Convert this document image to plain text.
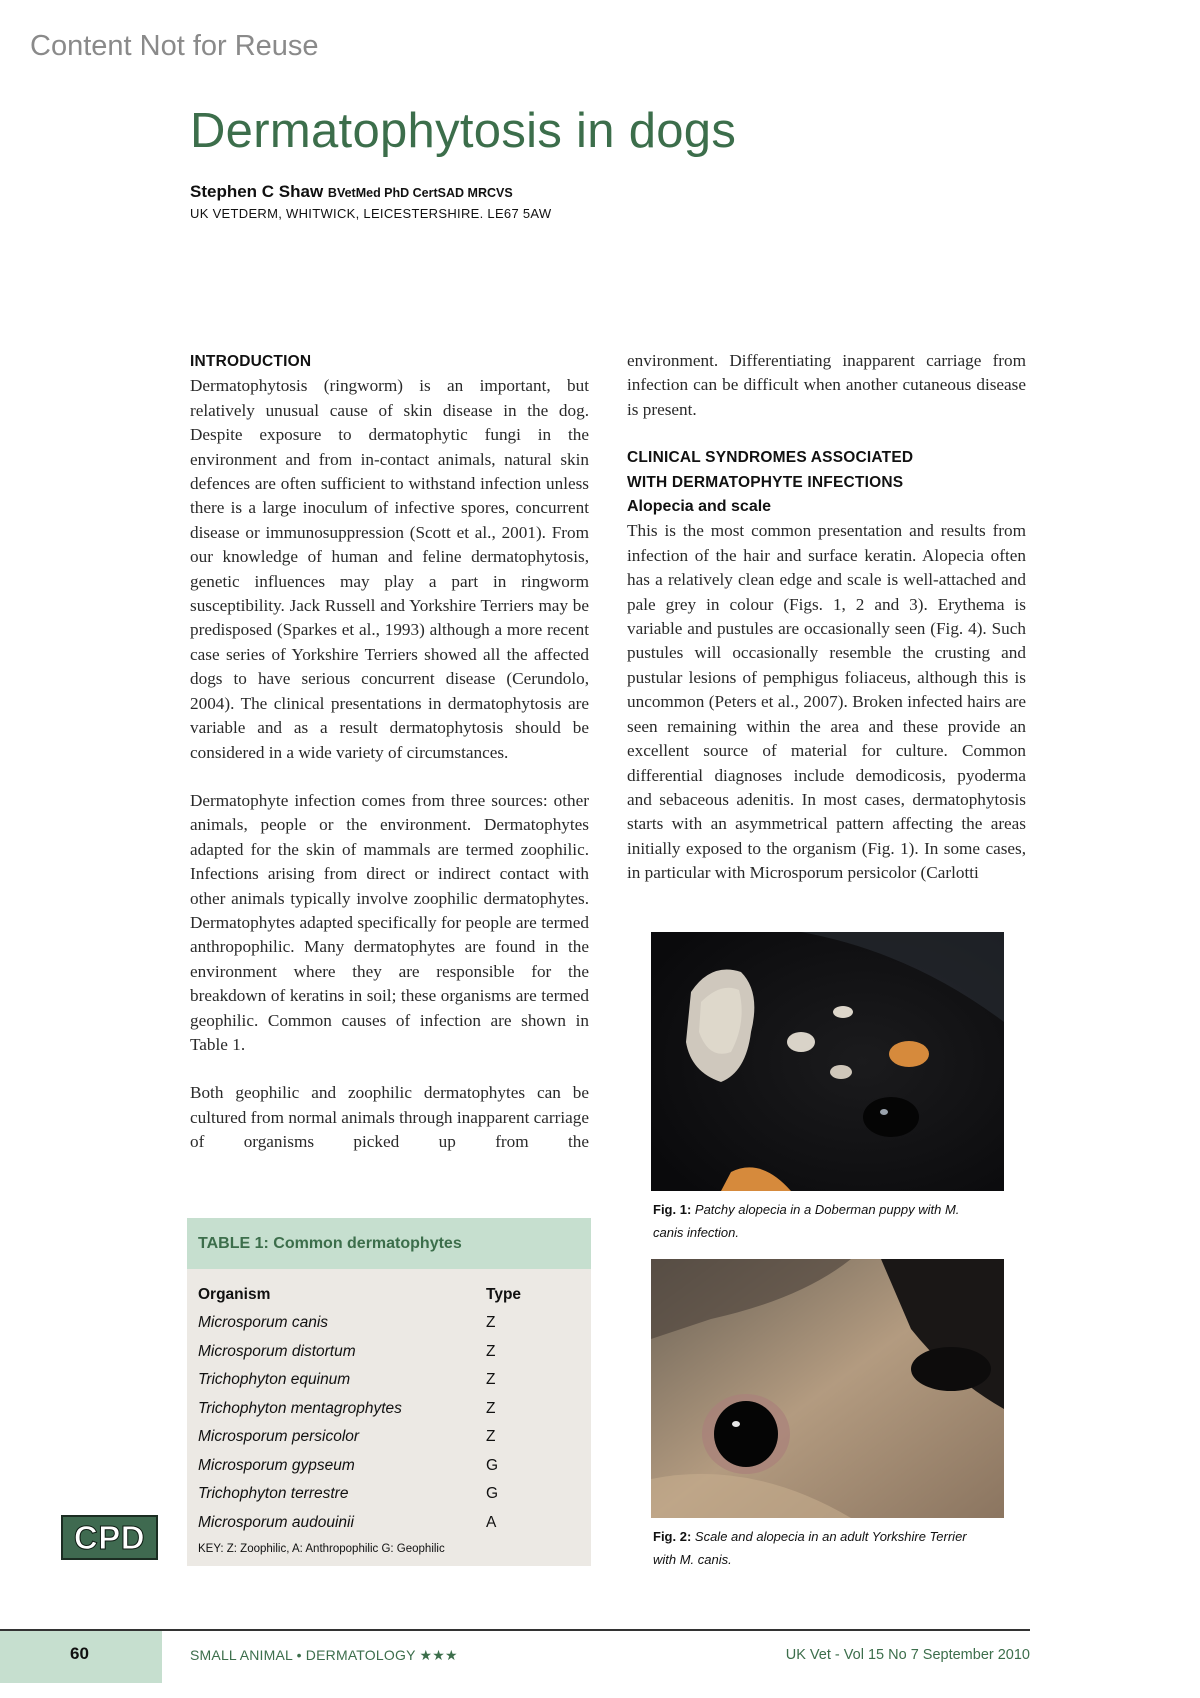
Content Not for Reuse
Dermatophytosis in dogs
Stephen C Shaw BVetMed PhD CertSAD MRCVS
UK VETDERM, WHITWICK, LEICESTERSHIRE. LE67 5AW
INTRODUCTION

Dermatophytosis (ringworm) is an important, but relatively unusual cause of skin disease in the dog. Despite exposure to dermatophytic fungi in the environment and from in-contact animals, natural skin defences are often sufficient to withstand infection unless there is a large inoculum of infective spores, concurrent disease or immunosuppression (Scott et al., 2001). From our knowledge of human and feline dermatophytosis, genetic influences may play a part in ringworm susceptibility. Jack Russell and Yorkshire Terriers may be predisposed (Sparkes et al., 1993) although a more recent case series of Yorkshire Terriers showed all the affected dogs to have serious concurrent disease (Cerundolo, 2004). The clinical presentations in dermatophytosis are variable and as a result dermatophytosis should be considered in a wide variety of circumstances.

Dermatophyte infection comes from three sources: other animals, people or the environment. Dermatophytes adapted for the skin of mammals are termed zoophilic. Infections arising from direct or indirect contact with other animals typically involve zoophilic dermatophytes. Dermatophytes adapted specifically for people are termed anthropophilic. Many dermatophytes are found in the environment where they are responsible for the breakdown of keratins in soil; these organisms are termed geophilic. Common causes of infection are shown in Table 1.

Both geophilic and zoophilic dermatophytes can be cultured from normal animals through inapparent carriage of organisms picked up from the

environment. Differentiating inapparent carriage from infection can be difficult when another cutaneous disease is present.

CLINICAL SYNDROMES ASSOCIATED
WITH DERMATOPHYTE INFECTIONS
Alopecia and scale

This is the most common presentation and results from infection of the hair and surface keratin. Alopecia often has a relatively clean edge and scale is well-attached and pale grey in colour (Figs. 1, 2 and 3). Erythema is variable and pustules are occasionally seen (Fig. 4). Such pustules will occasionally resemble the crusting and pustular lesions of pemphigus foliaceus, although this is uncommon (Peters et al., 2007). Broken infected hairs are seen remaining within the area and these provide an excellent source of material for culture. Common differential diagnoses include demodicosis, pyoderma and sebaceous adenitis. In most cases, dermatophytosis starts with an asymmetrical pattern affecting the areas initially exposed to the organism (Fig. 1). In some cases, in particular with Microsporum persicolor (Carlotti

Fig. 1: Patchy alopecia in a Doberman puppy with M. canis infection.
Fig. 2: Scale and alopecia in an adult Yorkshire Terrier with M. canis.
TABLE 1: Common dermatophytes
Organism	Type
Microsporum canis	Z
Microsporum distortum	Z
Trichophyton equinum	Z
Trichophyton mentagrophytes	Z
Microsporum persicolor	Z
Microsporum gypseum	G
Trichophyton terrestre	G
Microsporum audouinii	A
KEY: Z: Zoophilic, A: Anthropophilic G: Geophilic
CPD
60	SMALL ANIMAL • DERMATOLOGY ★★★	UK Vet - Vol 15 No 7 September 2010
